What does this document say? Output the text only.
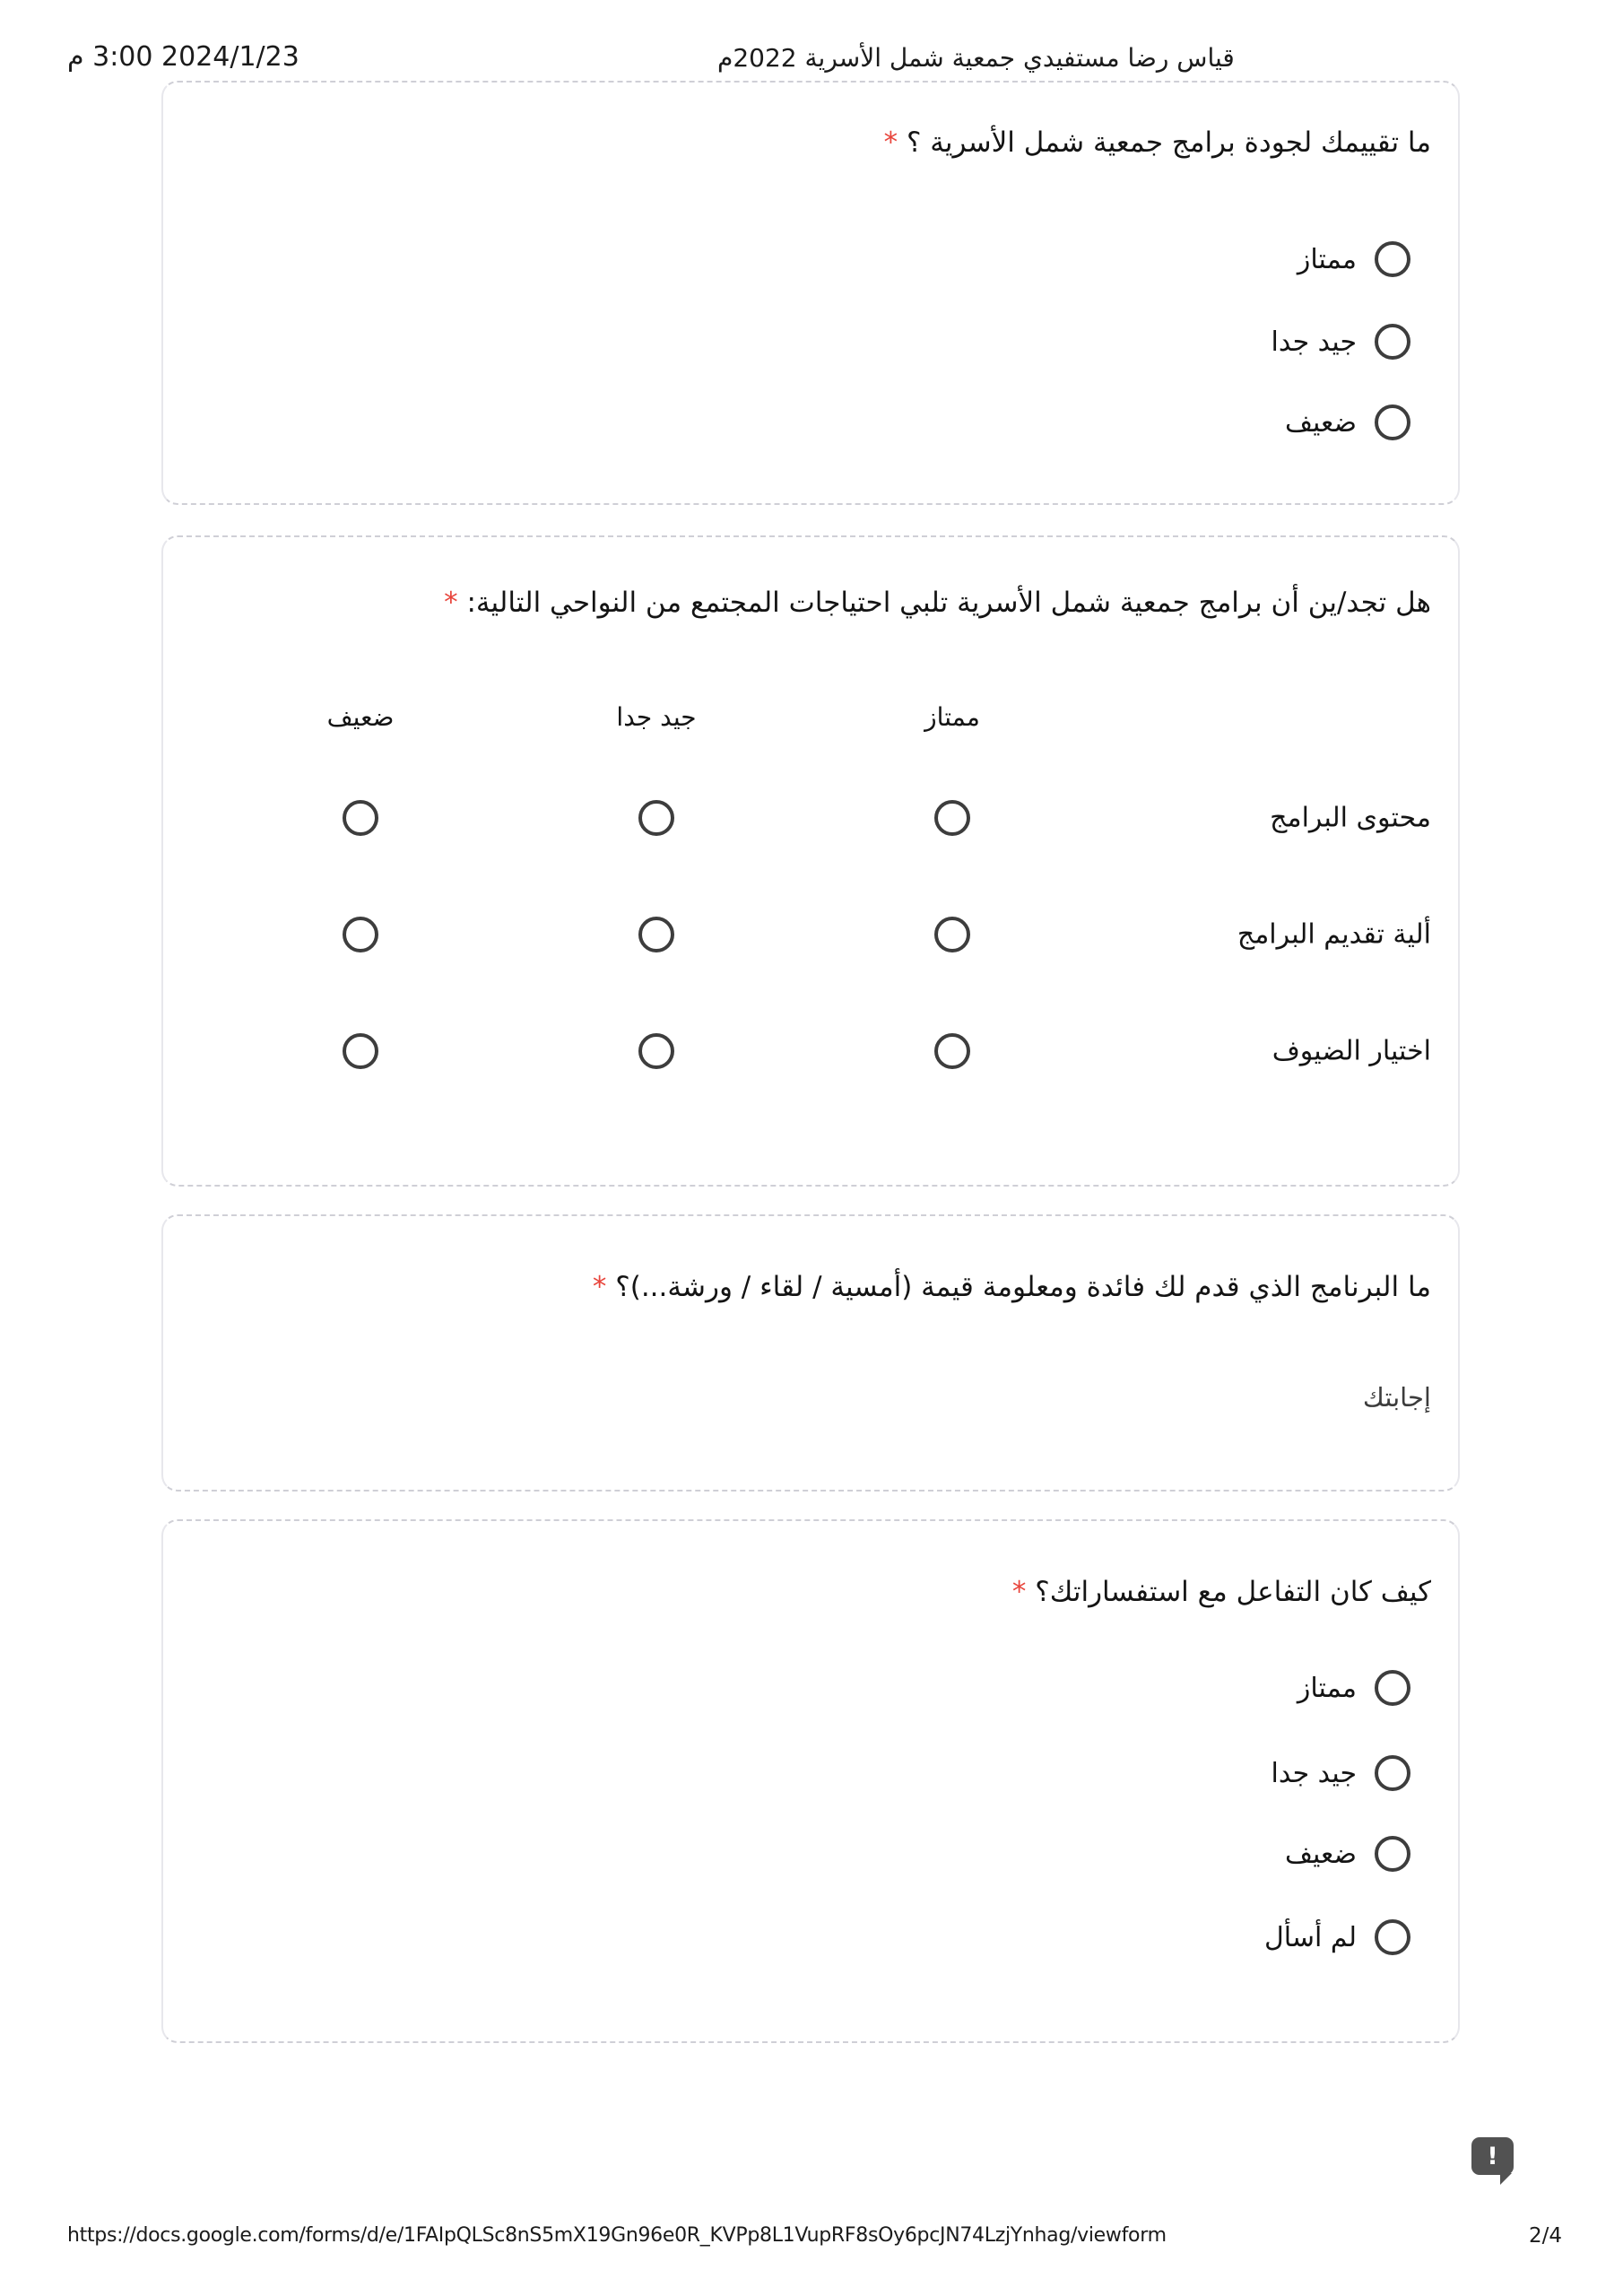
م 3:00 2024/1/23	قياس رضا مستفيدي جمعية شمل الأسرية 2022م
ما تقييمك لجودة برامج جمعية شمل الأسرية ؟ *
ممتاز
جيد جدا
ضعيف
هل تجد/ين أن برامج جمعية شمل الأسرية تلبي احتياجات المجتمع من النواحي التالية: *
ممتاز
جيد جدا
ضعيف
محتوى البرامج
ألية تقديم البرامج
اختيار الضيوف
ما البرنامج الذي قدم لك فائدة ومعلومة قيمة (أمسية / لقاء / ورشة...)؟ *
إجابتك
كيف كان التفاعل مع استفساراتك؟ *
ممتاز
جيد جدا
ضعيف
لم أسأل
!
https://docs.google.com/forms/d/e/1FAIpQLSc8nS5mX19Gn96e0R_KVPp8L1VupRF8sOy6pcJN74LzjYnhag/viewform	2/4
